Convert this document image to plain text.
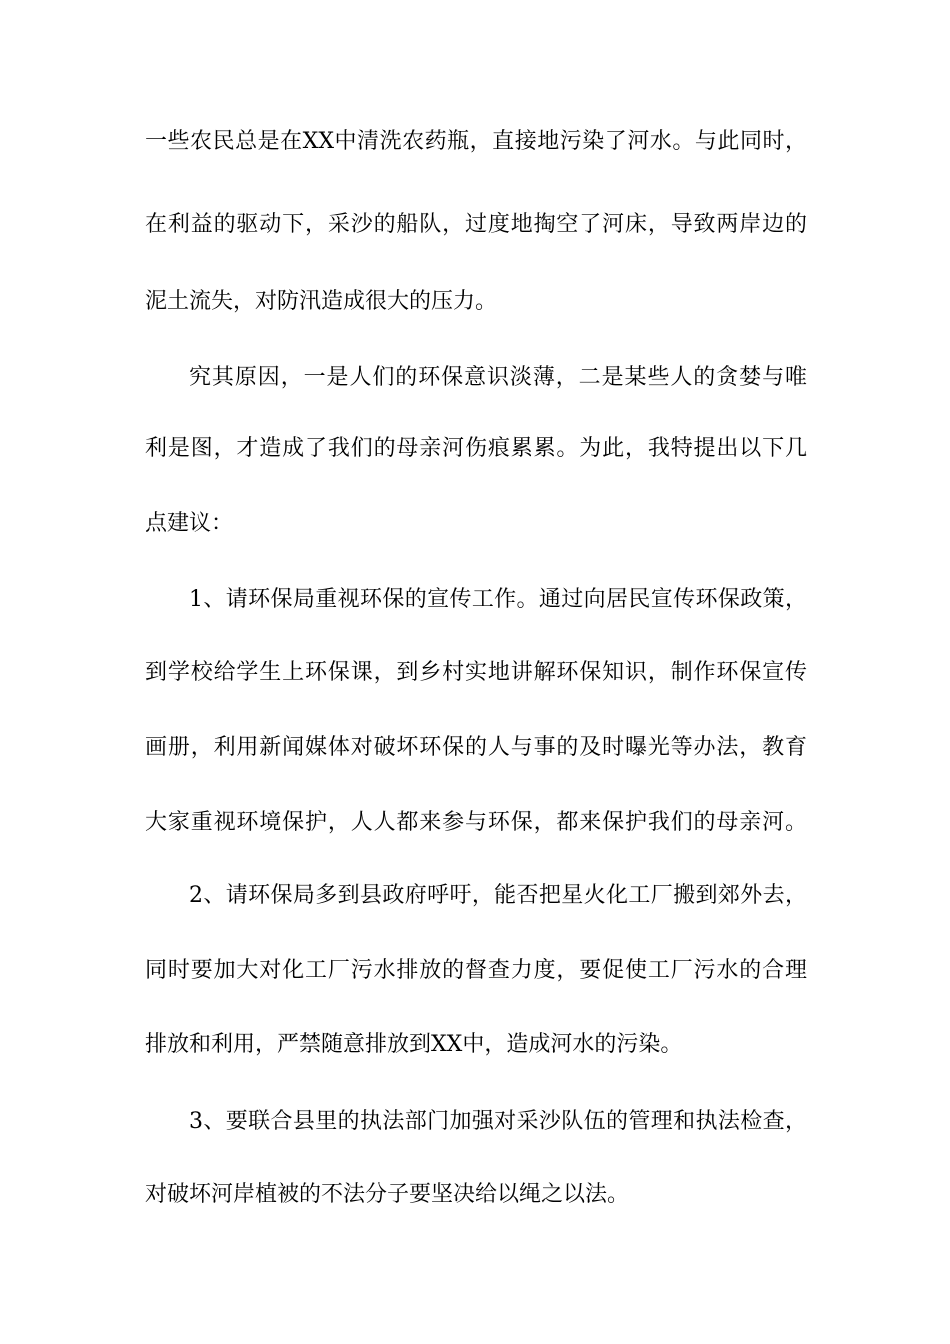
一些农民总是在XX中清洗农药瓶，直接地污染了河水。与此同时，
在利益的驱动下，采沙的船队，过度地掏空了河床，导致两岸边的
泥土流失，对防汛造成很大的压力。
究其原因，一是人们的环保意识淡薄，二是某些人的贪婪与唯
利是图，才造成了我们的母亲河伤痕累累。为此，我特提出以下几
点建议：
1、请环保局重视环保的宣传工作。通过向居民宣传环保政策，
到学校给学生上环保课，到乡村实地讲解环保知识，制作环保宣传
画册，利用新闻媒体对破坏环保的人与事的及时曝光等办法，教育
大家重视环境保护，人人都来参与环保，都来保护我们的母亲河。
2、请环保局多到县政府呼吁，能否把星火化工厂搬到郊外去，
同时要加大对化工厂污水排放的督查力度，要促使工厂污水的合理
排放和利用，严禁随意排放到XX中，造成河水的污染。
3、要联合县里的执法部门加强对采沙队伍的管理和执法检查，
对破坏河岸植被的不法分子要坚决给以绳之以法。
